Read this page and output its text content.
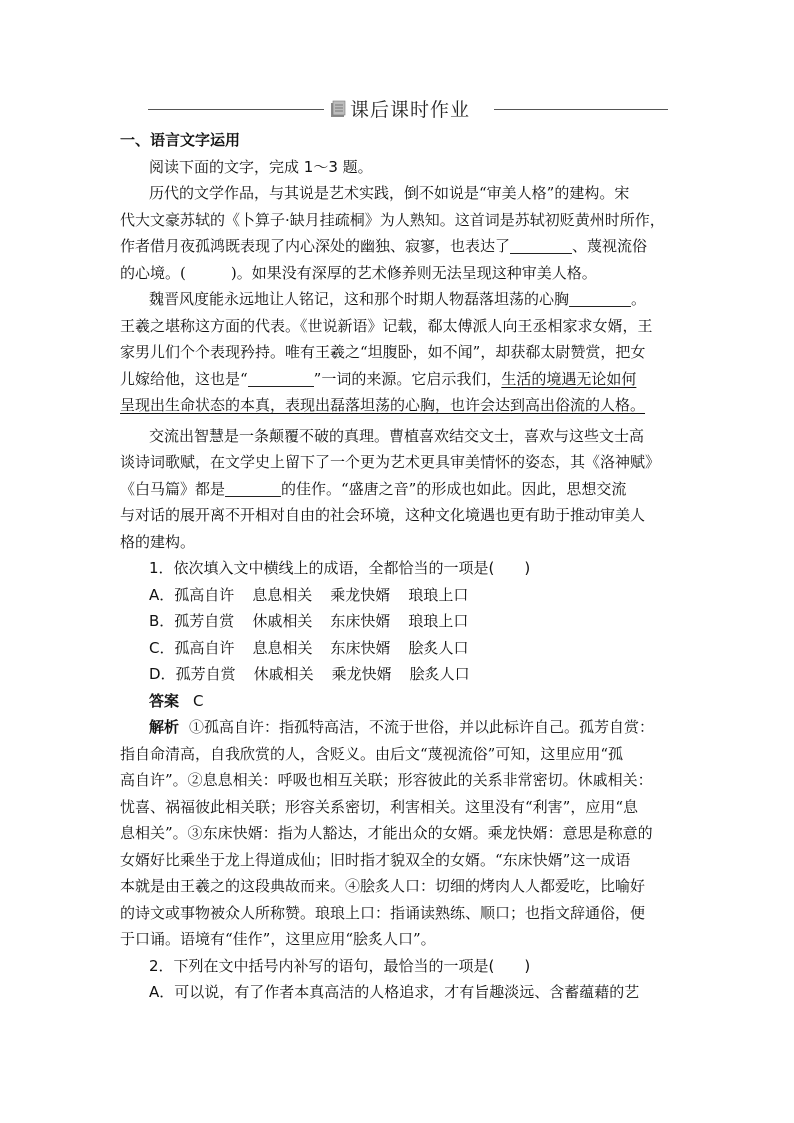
课后课时作业
一、语言文字运用
阅读下面的文字，完成 1～3 题。
历代的文学作品，与其说是艺术实践，倒不如说是“审美人格”的建构。宋
代大文豪苏轼的《卜算子·缺月挂疏桐》为人熟知。这首词是苏轼初贬黄州时所作，
作者借月夜孤鸿既表现了内心深处的幽独、寂寥，也表达了	、蔑视流俗
的心境。(　　　)。如果没有深厚的艺术修养则无法呈现这种审美人格。
魏晋风度能永远地让人铭记，这和那个时期人物磊落坦荡的心胸	。
王羲之堪称这方面的代表。《世说新语》记载，郗太傅派人向王丞相家求女婿，王
家男儿们个个表现矜持。唯有王羲之“坦腹卧，如不闻”，却获郗太尉赞赏，把女
儿嫁给他，这也是“	”一词的来源。它启示我们，生活的境遇无论如何
呈现出生命状态的本真，表现出磊落坦荡的心胸，也许会达到高出俗流的人格。
交流出智慧是一条颠覆不破的真理。曹植喜欢结交文士，喜欢与这些文士高
谈诗词歌赋，在文学史上留下了一个更为艺术更具审美情怀的姿态，其《洛神赋》
《白马篇》都是	的佳作。“盛唐之音”的形成也如此。因此，思想交流
与对话的展开离不开相对自由的社会环境，这种文化境遇也更有助于推动审美人
格的建构。
1．依次填入文中横线上的成语，全都恰当的一项是(　　)
A．孤高自许 息息相关 乘龙快婿 琅琅上口
B．孤芳自赏 休戚相关 东床快婿 琅琅上口
C．孤高自许 息息相关 东床快婿 脍炙人口
D．孤芳自赏 休戚相关 乘龙快婿 脍炙人口
答案 C
解析 ①孤高自许：指孤特高洁，不流于世俗，并以此标许自己。孤芳自赏：
指自命清高，自我欣赏的人，含贬义。由后文“蔑视流俗”可知，这里应用“孤
高自许”。②息息相关：呼吸也相互关联；形容彼此的关系非常密切。休戚相关：
忧喜、祸福彼此相关联；形容关系密切，利害相关。这里没有“利害”，应用“息
息相关”。③东床快婿：指为人豁达，才能出众的女婿。乘龙快婿：意思是称意的
女婿好比乘坐于龙上得道成仙；旧时指才貌双全的女婿。“东床快婿”这一成语
本就是由王羲之的这段典故而来。④脍炙人口：切细的烤肉人人都爱吃，比喻好
的诗文或事物被众人所称赞。琅琅上口：指诵读熟练、顺口；也指文辞通俗，便
于口诵。语境有“佳作”，这里应用“脍炙人口”。
2．下列在文中括号内补写的语句，最恰当的一项是(　　)
A．可以说，有了作者本真高洁的人格追求，才有旨趣淡远、含蓄蕴藉的艺
